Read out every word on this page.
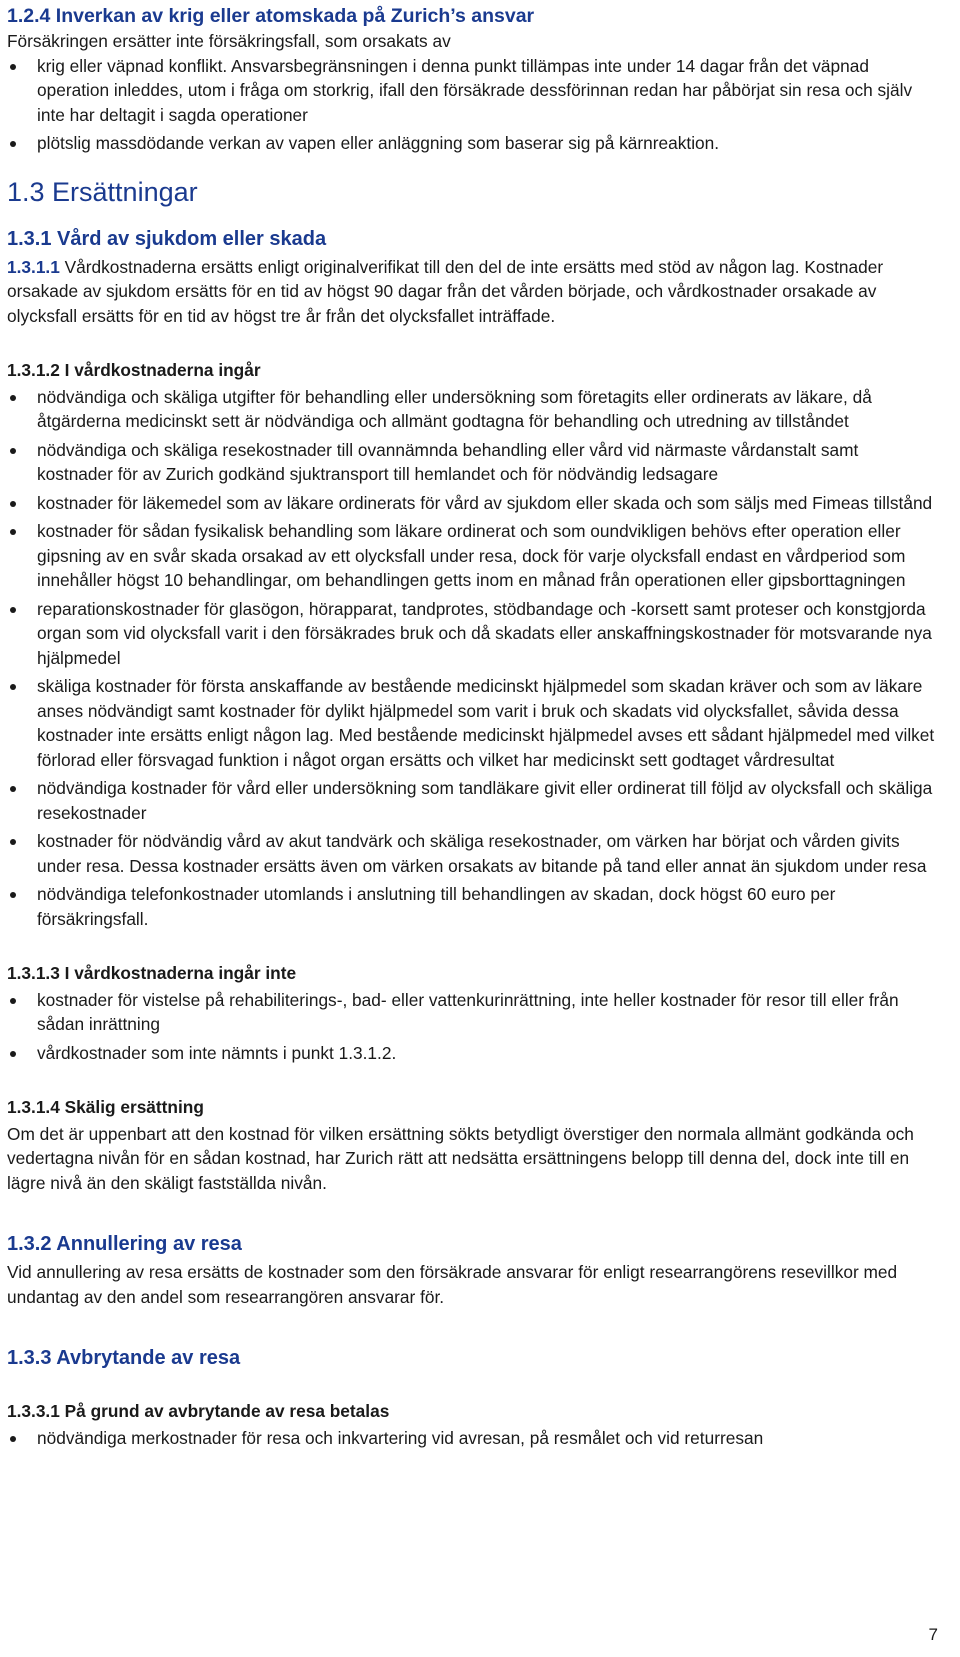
1.2.4 Inverkan av krig eller atomskada på Zurich’s ansvar

Försäkringen ersätter inte försäkringsfall, som orsakats av

krig eller väpnad konflikt. Ansvarsbegränsningen i denna punkt tillämpas inte under 14 dagar från det väpnad operation inleddes, utom i fråga om storkrig, ifall den försäkrade dessförinnan redan har påbörjat sin resa och själv inte har deltagit i sagda operationer
plötslig massdödande verkan av vapen eller anläggning som baserar sig på kärnreaktion.
1.3 Ersättningar
1.3.1 Vård av sjukdom eller skada

1.3.1.1 Vårdkostnaderna ersätts enligt originalverifikat till den del de inte ersätts med stöd av någon lag. Kostnader orsakade av sjukdom ersätts för en tid av högst 90 dagar från det vården började, och vårdkostnader orsakade av olycksfall ersätts för en tid av högst tre år från det olycksfallet inträffade.

1.3.1.2 I vårdkostnaderna ingår
nödvändiga och skäliga utgifter för behandling eller undersökning som företagits eller ordinerats av läkare, då åtgärderna medicinskt sett är nödvändiga och allmänt godtagna för behandling och utredning av tillståndet
nödvändiga och skäliga resekostnader till ovannämnda behandling eller vård vid närmaste vårdanstalt samt kostnader för av Zurich godkänd sjuktransport till hemlandet och för nödvändig ledsagare
kostnader för läkemedel som av läkare ordinerats för vård av sjukdom eller skada och som säljs med Fimeas tillstånd
kostnader för sådan fysikalisk behandling som läkare ordinerat och som oundvikligen behövs efter operation eller gipsning av en svår skada orsakad av ett olycksfall under resa, dock för varje olycksfall endast en vårdperiod som innehåller högst 10 behandlingar, om behandlingen getts inom en månad från operationen eller gipsborttagningen
reparationskostnader för glasögon, hörapparat, tandprotes, stödbandage och -korsett samt proteser och konstgjorda organ som vid olycksfall varit i den försäkrades bruk och då skadats eller anskaffningskostnader för motsvarande nya hjälpmedel
skäliga kostnader för första anskaffande av bestående medicinskt hjälpmedel som skadan kräver och som av läkare anses nödvändigt samt kostnader för dylikt hjälpmedel som varit i bruk och skadats vid olycksfallet, såvida dessa kostnader inte ersätts enligt någon lag. Med bestående medicinskt hjälpmedel avses ett sådant hjälpmedel med vilket förlorad eller försvagad funktion i något organ ersätts och vilket har medicinskt sett godtaget vårdresultat
nödvändiga kostnader för vård eller undersökning som tandläkare givit eller ordinerat till följd av olycksfall och skäliga resekostnader
kostnader för nödvändig vård av akut tandvärk och skäliga resekostnader, om värken har börjat och vården givits under resa. Dessa kostnader ersätts även om värken orsakats av bitande på tand eller annat än sjukdom under resa
nödvändiga telefonkostnader utomlands i anslutning till behandlingen av skadan, dock högst 60 euro per försäkringsfall.
1.3.1.3 I vårdkostnaderna ingår inte
kostnader för vistelse på rehabiliterings-, bad- eller vattenkurinrättning, inte heller kostnader för resor till eller från sådan inrättning
vårdkostnader som inte nämnts i punkt 1.3.1.2.
1.3.1.4 Skälig ersättning

Om det är uppenbart att den kostnad för vilken ersättning sökts betydligt överstiger den normala allmänt godkända och vedertagna nivån för en sådan kostnad, har Zurich rätt att nedsätta ersättningens belopp till denna del, dock inte till en lägre nivå än den skäligt fastställda nivån.

1.3.2 Annullering av resa

Vid annullering av resa ersätts de kostnader som den försäkrade ansvarar för enligt researrangörens resevillkor med undantag av den andel som researrangören ansvarar för.

1.3.3 Avbrytande av resa
1.3.3.1 På grund av avbrytande av resa betalas
nödvändiga merkostnader för resa och inkvartering vid avresan, på resmålet och vid returresan
7
